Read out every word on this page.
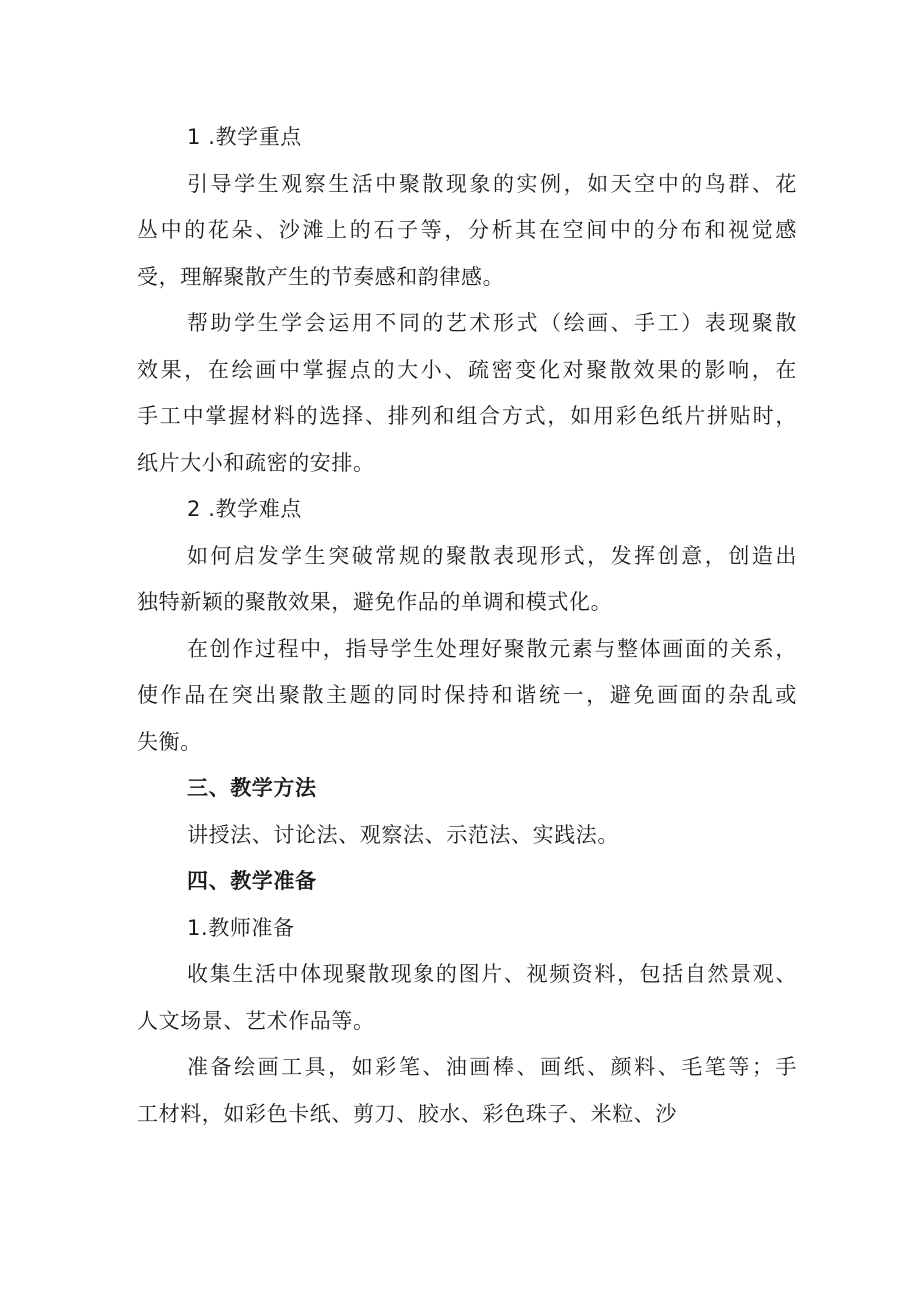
1 .教学重点
引导学生观察生活中聚散现象的实例，如天空中的鸟群、花
丛中的花朵、沙滩上的石子等，分析其在空间中的分布和视觉感
受，理解聚散产生的节奏感和韵律感。
帮助学生学会运用不同的艺术形式（绘画、手工）表现聚散
效果，在绘画中掌握点的大小、疏密变化对聚散效果的影响，在
手工中掌握材料的选择、排列和组合方式，如用彩色纸片拼贴时，
纸片大小和疏密的安排。
2 .教学难点
如何启发学生突破常规的聚散表现形式，发挥创意，创造出
独特新颖的聚散效果，避免作品的单调和模式化。
在创作过程中，指导学生处理好聚散元素与整体画面的关系，
使作品在突出聚散主题的同时保持和谐统一，避免画面的杂乱或
失衡。
三、教学方法
讲授法、讨论法、观察法、示范法、实践法。
四、教学准备
1.教师准备
收集生活中体现聚散现象的图片、视频资料，包括自然景观、
人文场景、艺术作品等。
准备绘画工具，如彩笔、油画棒、画纸、颜料、毛笔等；手
工材料，如彩色卡纸、剪刀、胶水、彩色珠子、米粒、沙
